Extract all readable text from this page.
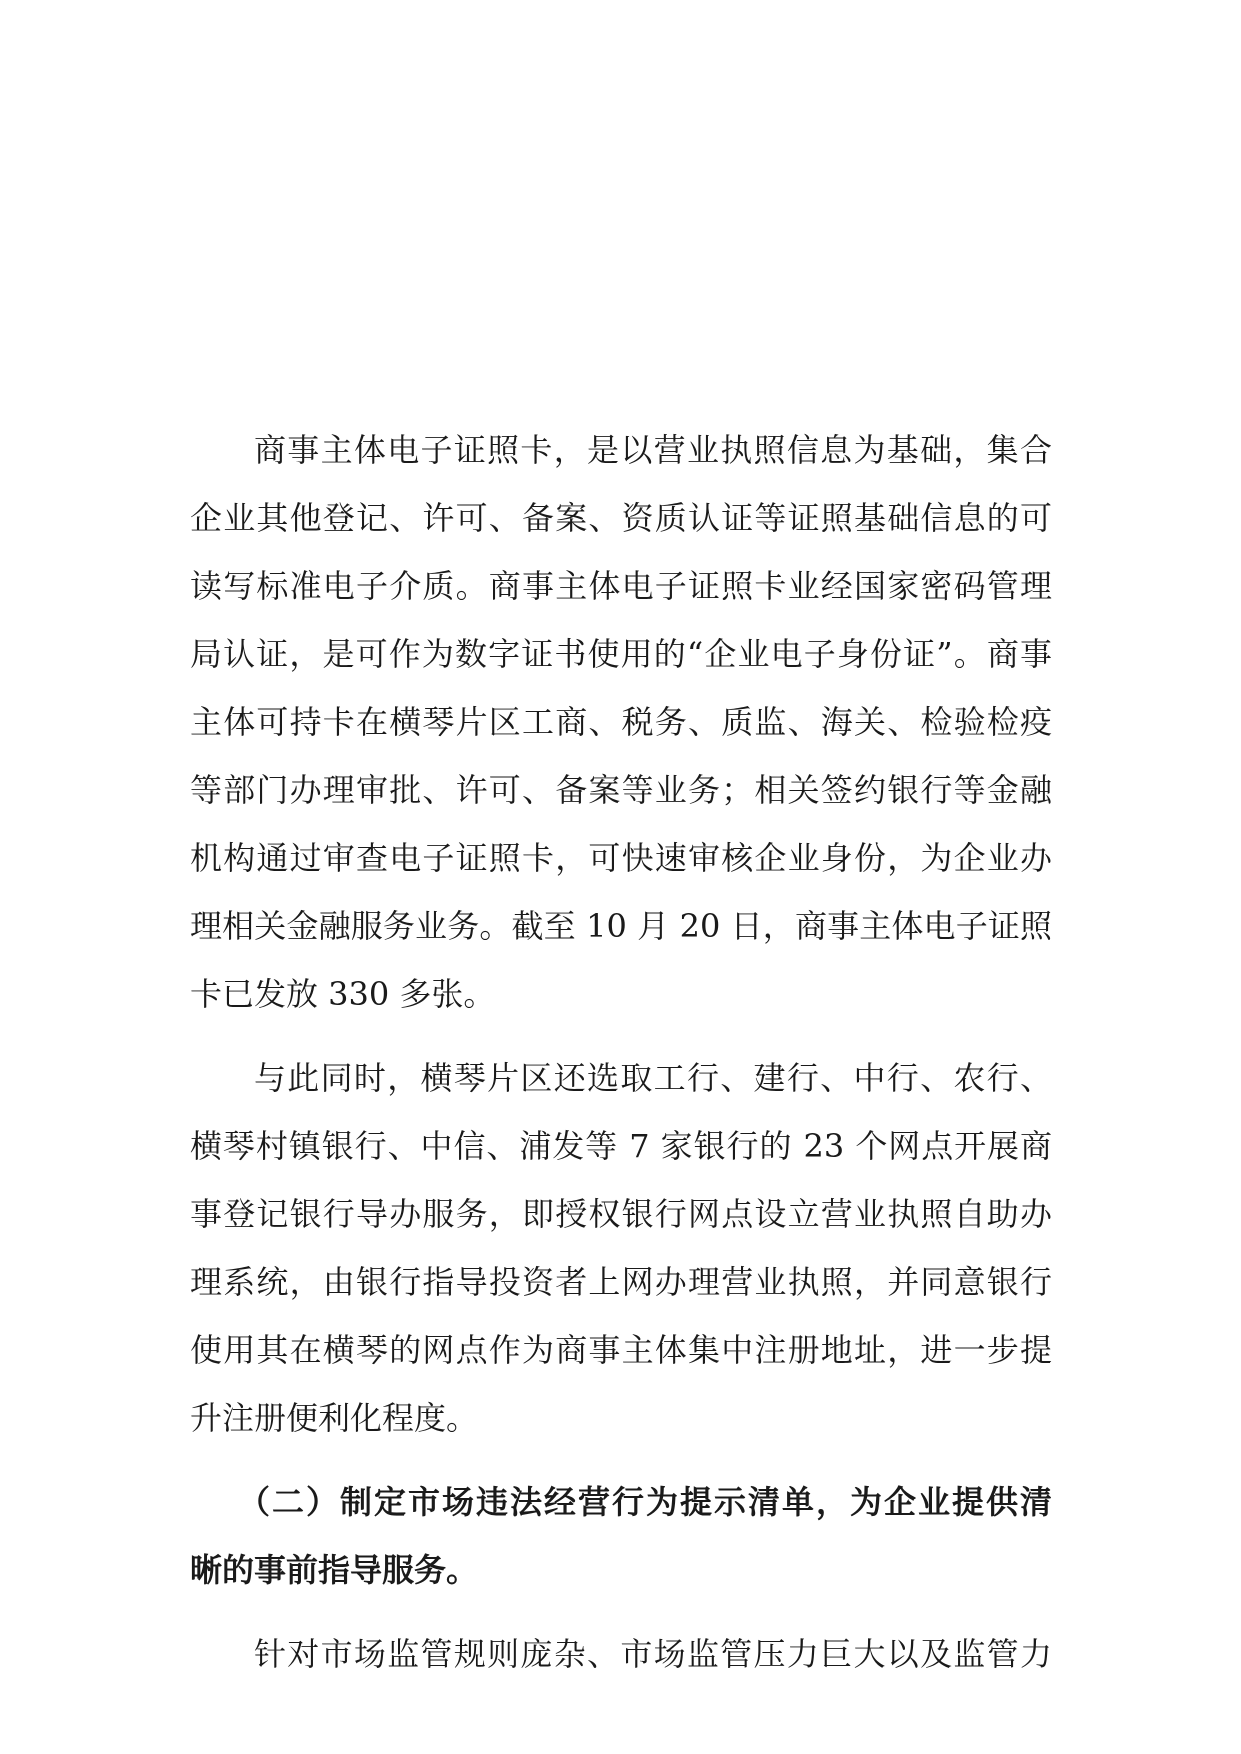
商事主体电子证照卡，是以营业执照信息为基础，集合
企业其他登记、许可、备案、资质认证等证照基础信息的可
读写标准电子介质。商事主体电子证照卡业经国家密码管理
局认证，是可作为数字证书使用的“企业电子身份证”。商事
主体可持卡在横琴片区工商、税务、质监、海关、检验检疫
等部门办理审批、许可、备案等业务；相关签约银行等金融
机构通过审查电子证照卡，可快速审核企业身份，为企业办
理相关金融服务业务。截至 10 月 20 日，商事主体电子证照
卡已发放 330 多张。
与此同时，横琴片区还选取工行、建行、中行、农行、
横琴村镇银行、中信、浦发等 7 家银行的 23 个网点开展商
事登记银行导办服务，即授权银行网点设立营业执照自助办
理系统，由银行指导投资者上网办理营业执照，并同意银行
使用其在横琴的网点作为商事主体集中注册地址，进一步提
升注册便利化程度。
（二）制定市场违法经营行为提示清单，为企业提供清
晰的事前指导服务。
针对市场监管规则庞杂、市场监管压力巨大以及监管力
